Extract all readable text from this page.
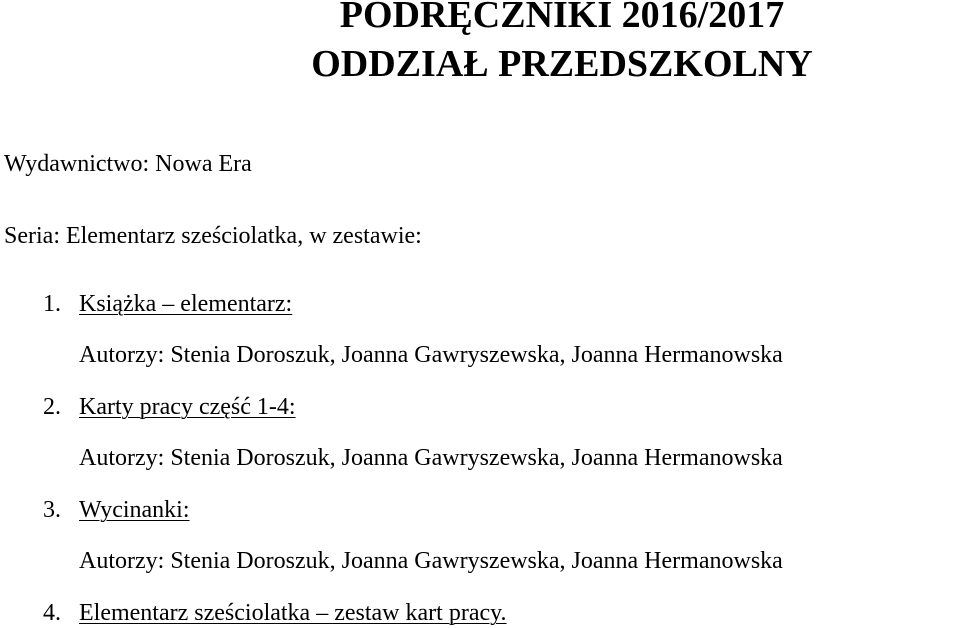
PODRĘCZNIKI 2016/2017
ODDZIAŁ PRZEDSZKOLNY
Wydawnictwo: Nowa Era
Seria: Elementarz sześciolatka, w zestawie:
1. Książka – elementarz:
Autorzy: Stenia Doroszuk, Joanna Gawryszewska, Joanna Hermanowska
2. Karty pracy część 1-4:
Autorzy: Stenia Doroszuk, Joanna Gawryszewska, Joanna Hermanowska
3. Wycinanki:
Autorzy: Stenia Doroszuk, Joanna Gawryszewska, Joanna Hermanowska
4. Elementarz sześciolatka – zestaw kart pracy.
